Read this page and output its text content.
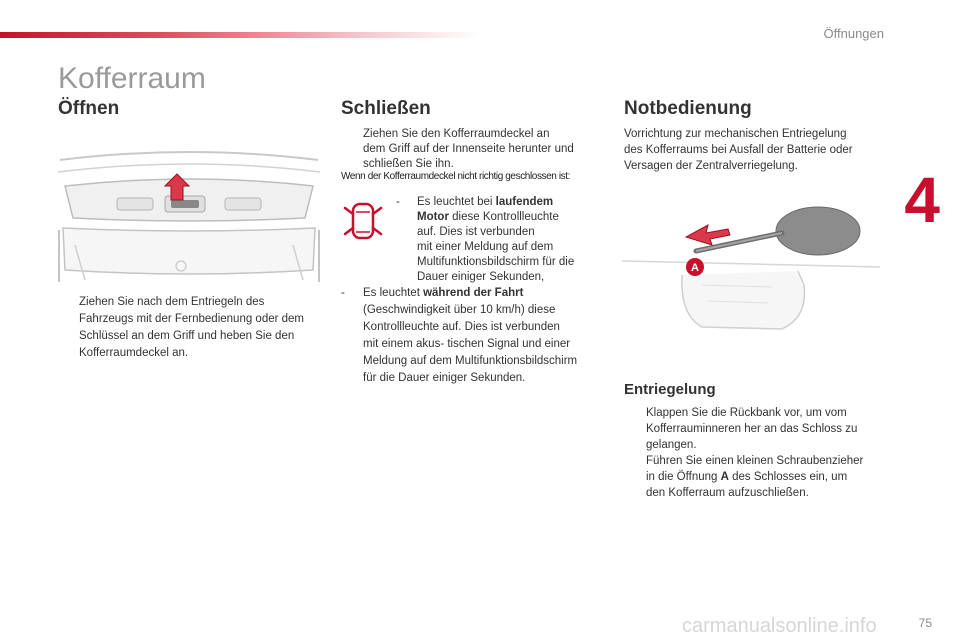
Öffnungen
4
Kofferraum
Öffnen
Ziehen Sie nach dem Entriegeln des
Fahrzeugs mit der Fernbedienung oder dem
Schlüssel an dem Griff und heben Sie den
Kofferraumdeckel an.
Schließen
Ziehen Sie den Kofferraumdeckel an
dem Griff auf der Innenseite herunter und
schließen Sie ihn.
Wenn der Kofferraumdeckel nicht richtig geschlossen ist:
- Es leuchtet bei laufendem
Motor diese Kontrollleuchte
auf. Dies ist verbunden
mit einer Meldung auf dem
Multifunktionsbildschirm für die
Dauer einiger Sekunden,
- Es leuchtet während der Fahrt
(Geschwindigkeit über 10 km/h) diese
Kontrollleuchte auf. Dies ist verbunden
mit einem akus- tischen Signal und einer
Meldung auf dem Multifunktionsbildschirm
für die Dauer einiger Sekunden.
Notbedienung
Vorrichtung zur mechanischen Entriegelung
des Kofferraums bei Ausfall der Batterie oder
Versagen der Zentralverriegelung.
A
Entriegelung
Klappen Sie die Rückbank vor, um vom
Kofferrauminneren her an das Schloss zu
gelangen.
Führen Sie einen kleinen Schraubenzieher
in die Öffnung A des Schlosses ein, um
den Kofferraum aufzuschließen.
carmanualsonline.info	75
